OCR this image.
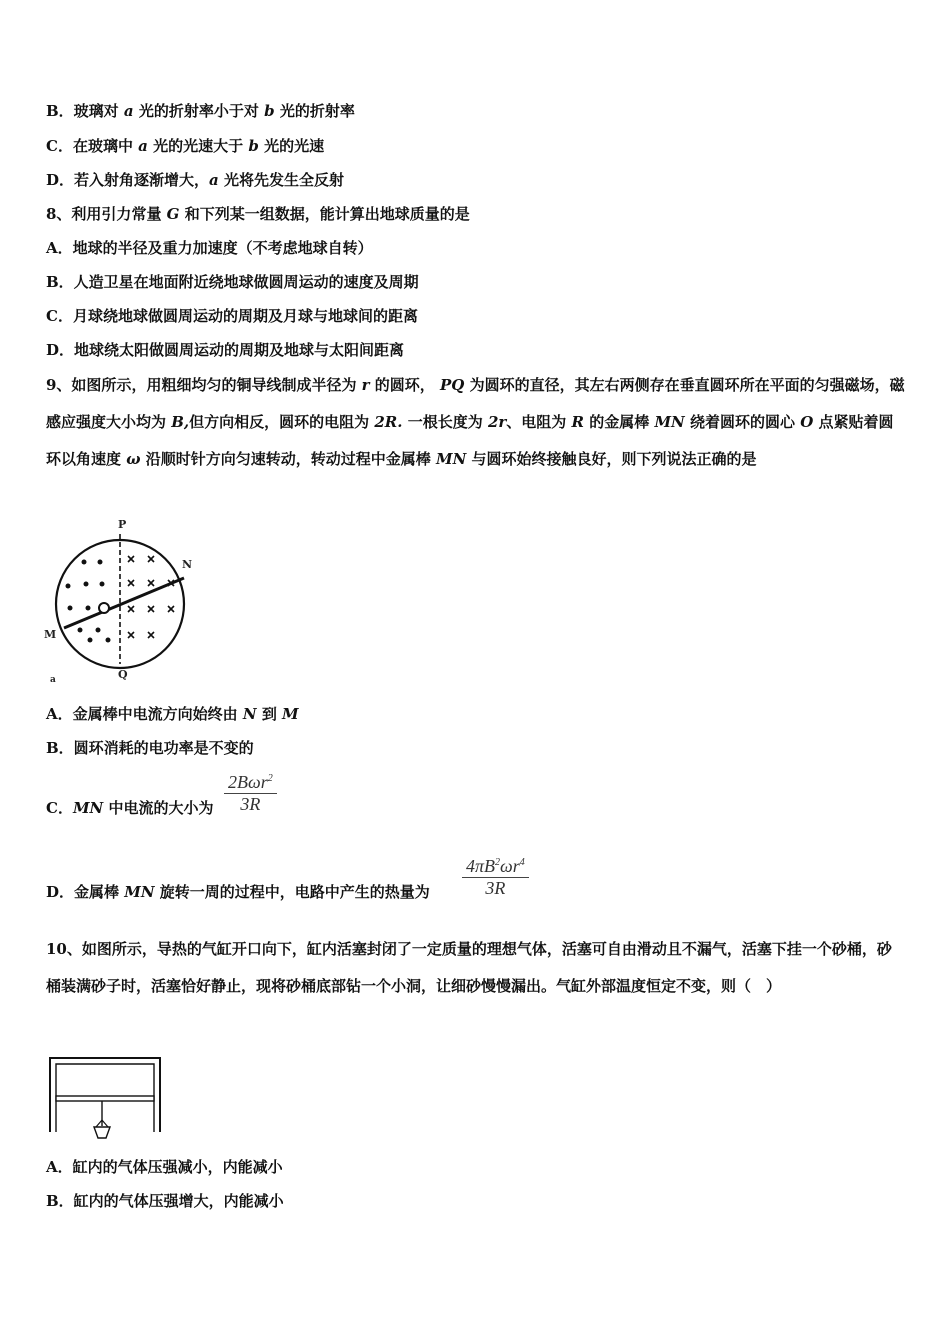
B．玻璃对 a 光的折射率小于对 b 光的折射率
C．在玻璃中 a 光的光速大于 b 光的光速
D．若入射角逐渐增大，a 光将先发生全反射
8、利用引力常量 G 和下列某一组数据，能计算出地球质量的是
A．地球的半径及重力加速度（不考虑地球自转）
B．人造卫星在地面附近绕地球做圆周运动的速度及周期
C．月球绕地球做圆周运动的周期及月球与地球间的距离
D．地球绕太阳做圆周运动的周期及地球与太阳间距离
9、如图所示，用粗细均匀的铜导线制成半径为 r 的圆环， PQ 为圆环的直径，其左右两侧存在垂直圆环所在平面的匀强磁场，磁感应强度大小均为 B,但方向相反，圆环的电阻为 2R. 一根长度为 2r、电阻为 R 的金属棒 MN 绕着圆环的圆心 O 点紧贴着圆环以角速度 ω 沿顺时针方向匀速转动，转动过程中金属棒 MN 与圆环始终接触良好，则下列说法正确的是
P
N
M
Q
a
A．金属棒中电流方向始终由 N 到 M
B．圆环消耗的电功率是不变的
C．MN 中电流的大小为
2Bωr$^2$
3R
D．金属棒 MN 旋转一周的过程中，电路中产生的热量为 $\frac{4\pi B^2\omega r^4}{3R}$
10、如图所示，导热的气缸开口向下，缸内活塞封闭了一定质量的理想气体，活塞可自由滑动且不漏气，活塞下挂一个砂桶，砂桶装满砂子时，活塞恰好静止，现将砂桶底部钻一个小洞，让细砂慢慢漏出。气缸外部温度恒定不变，则（　）
A．缸内的气体压强减小，内能减小
B．缸内的气体压强增大，内能减小
